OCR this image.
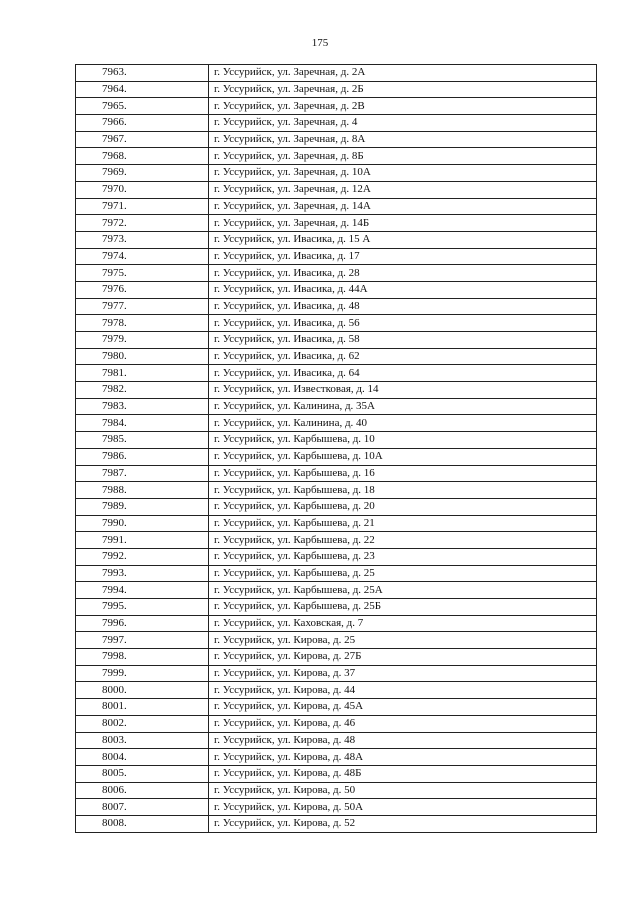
175
7963.	г. Уссурийск, ул. Заречная, д. 2А
7964.	г. Уссурийск, ул. Заречная, д. 2Б
7965.	г. Уссурийск, ул. Заречная, д. 2В
7966.	г. Уссурийск, ул. Заречная, д. 4
7967.	г. Уссурийск, ул. Заречная, д. 8А
7968.	г. Уссурийск, ул. Заречная, д. 8Б
7969.	г. Уссурийск, ул. Заречная, д. 10А
7970.	г. Уссурийск, ул. Заречная, д. 12А
7971.	г. Уссурийск, ул. Заречная, д. 14А
7972.	г. Уссурийск, ул. Заречная, д. 14Б
7973.	г. Уссурийск, ул. Ивасика, д. 15 А
7974.	г. Уссурийск, ул. Ивасика, д. 17
7975.	г. Уссурийск, ул. Ивасика, д. 28
7976.	г. Уссурийск, ул. Ивасика, д. 44А
7977.	г. Уссурийск, ул. Ивасика, д. 48
7978.	г. Уссурийск, ул. Ивасика, д. 56
7979.	г. Уссурийск, ул. Ивасика, д. 58
7980.	г. Уссурийск, ул. Ивасика, д. 62
7981.	г. Уссурийск, ул. Ивасика, д. 64
7982.	г. Уссурийск, ул. Известковая, д. 14
7983.	г. Уссурийск, ул. Калинина, д. 35А
7984.	г. Уссурийск, ул. Калинина, д. 40
7985.	г. Уссурийск, ул. Карбышева, д. 10
7986.	г. Уссурийск, ул. Карбышева, д. 10А
7987.	г. Уссурийск, ул. Карбышева, д. 16
7988.	г. Уссурийск, ул. Карбышева, д. 18
7989.	г. Уссурийск, ул. Карбышева, д. 20
7990.	г. Уссурийск, ул. Карбышева, д. 21
7991.	г. Уссурийск, ул. Карбышева, д. 22
7992.	г. Уссурийск, ул. Карбышева, д. 23
7993.	г. Уссурийск, ул. Карбышева, д. 25
7994.	г. Уссурийск, ул. Карбышева, д. 25А
7995.	г. Уссурийск, ул. Карбышева, д. 25Б
7996.	г. Уссурийск, ул. Каховская, д. 7
7997.	г. Уссурийск, ул. Кирова, д. 25
7998.	г. Уссурийск, ул. Кирова, д. 27Б
7999.	г. Уссурийск, ул. Кирова, д. 37
8000.	г. Уссурийск, ул. Кирова, д. 44
8001.	г. Уссурийск, ул. Кирова, д. 45А
8002.	г. Уссурийск, ул. Кирова, д. 46
8003.	г. Уссурийск, ул. Кирова, д. 48
8004.	г. Уссурийск, ул. Кирова, д. 48А
8005.	г. Уссурийск, ул. Кирова, д. 48Б
8006.	г. Уссурийск, ул. Кирова, д. 50
8007.	г. Уссурийск, ул. Кирова, д. 50А
8008.	г. Уссурийск, ул. Кирова, д. 52
